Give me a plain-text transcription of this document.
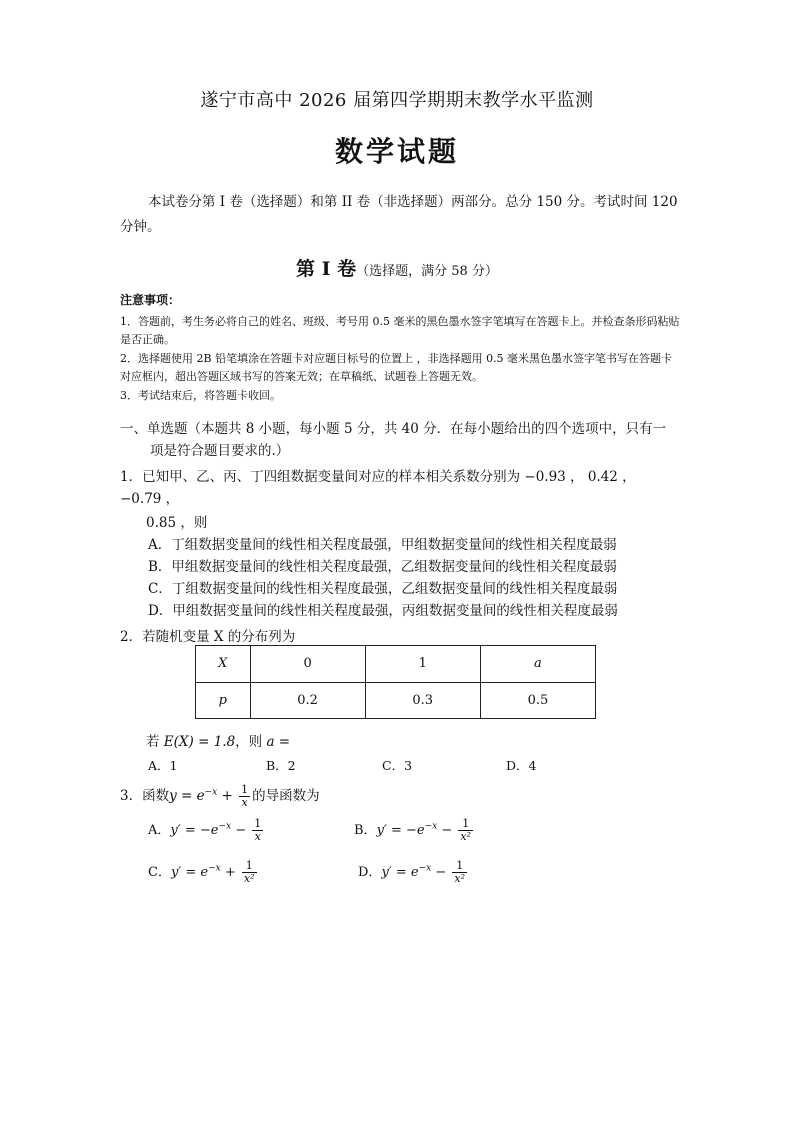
遂宁市高中 2026 届第四学期期末教学水平监测
数学试题
本试卷分第 I 卷（选择题）和第 II 卷（非选择题）两部分。总分 150 分。考试时间 120 分钟。
第 Ⅰ 卷（选择题，满分 58 分）
注意事项：
1．答题前，考生务必将自己的姓名、班级、考号用 0.5 毫米的黑色墨水签字笔填写在答题卡上。并检查条形码粘贴是否正确。
2．选择题使用 2B 铅笔填涂在答题卡对应题目标号的位置上 ，非选择题用 0.5 毫米黑色墨水签字笔书写在答题卡对应框内，超出答题区域书写的答案无效；在草稿纸、试题卷上答题无效。
3．考试结束后，将答题卡收回。
一、单选题（本题共 8 小题，每小题 5 分，共 40 分．在每小题给出的四个选项中，只有一
项是符合题目要求的.）
1．已知甲、乙、丙、丁四组数据变量间对应的样本相关系数分别为 −0.93 ， 0.42 ，
−0.79 ，
0.85 ，则
A．丁组数据变量间的线性相关程度最强，甲组数据变量间的线性相关程度最弱
B．甲组数据变量间的线性相关程度最强，乙组数据变量间的线性相关程度最弱
C．丁组数据变量间的线性相关程度最强，乙组数据变量间的线性相关程度最弱
D．甲组数据变量间的线性相关程度最强，丙组数据变量间的线性相关程度最弱
2．若随机变量 X 的分布列为
X	0	1	a
p	0.2	0.3	0.5
若 E(X) = 1.8，则 a =
A．1	B．2	C．3	D．4
3．函数$y = e^{-x} + \frac{1}{x}$ 的导函数为
A．$y' = -e^{-x} - \frac{1}{x}$	B．$y' = -e^{-x} - \frac{1}{\text{x²}}$
C．$y' = e^{-x} + \frac{1}{\text{x²}}$	D．$y' = e^{-x} - \frac{1}{\text{x²}}$
